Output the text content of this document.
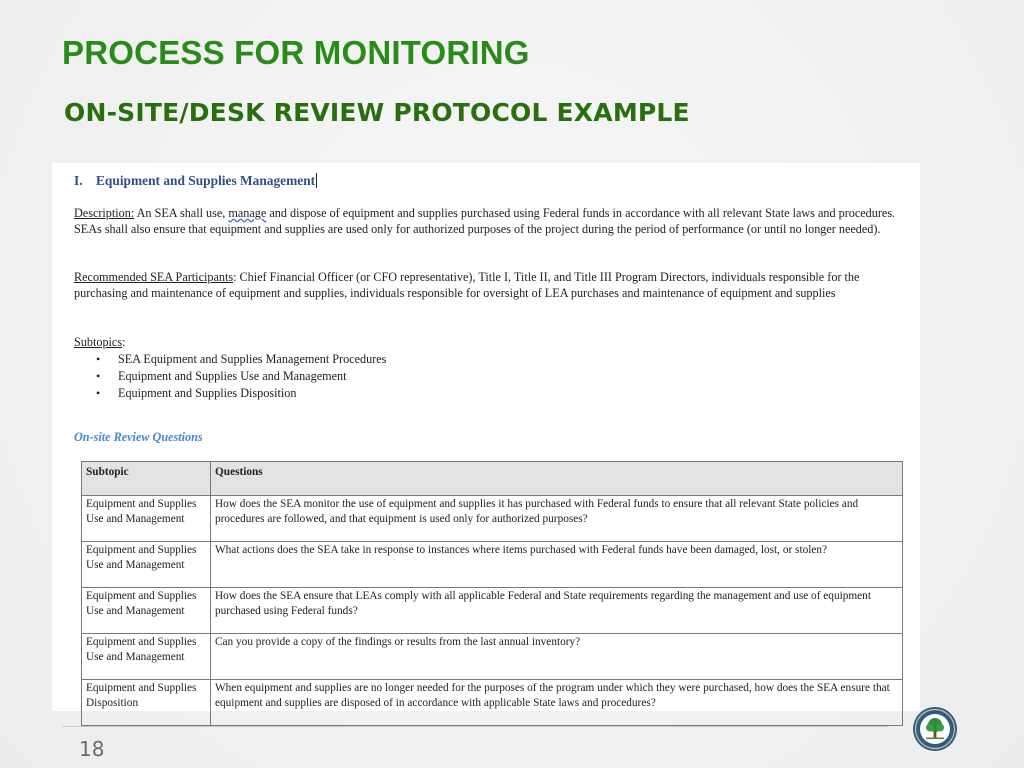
PROCESS FOR MONITORING
ON-SITE/DESK REVIEW PROTOCOL EXAMPLE
I. Equipment and Supplies Management
Description: An SEA shall use, manage and dispose of equipment and supplies purchased using Federal funds in accordance with all relevant State laws and procedures. SEAs shall also ensure that equipment and supplies are used only for authorized purposes of the project during the period of performance (or until no longer needed).
Recommended SEA Participants: Chief Financial Officer (or CFO representative), Title I, Title II, and Title III Program Directors, individuals responsible for the purchasing and maintenance of equipment and supplies, individuals responsible for oversight of LEA purchases and maintenance of equipment and supplies
Subtopics:
• SEA Equipment and Supplies Management Procedures
• Equipment and Supplies Use and Management
• Equipment and Supplies Disposition
On-site Review Questions
Subtopic	Questions
Equipment and Supplies Use and Management	How does the SEA monitor the use of equipment and supplies it has purchased with Federal funds to ensure that all relevant State policies and procedures are followed, and that equipment is used only for authorized purposes?
Equipment and Supplies Use and Management	What actions does the SEA take in response to instances where items purchased with Federal funds have been damaged, lost, or stolen?
Equipment and Supplies Use and Management	How does the SEA ensure that LEAs comply with all applicable Federal and State requirements regarding the management and use of equipment purchased using Federal funds?
Equipment and Supplies Use and Management	Can you provide a copy of the findings or results from the last annual inventory?
Equipment and Supplies Disposition	When equipment and supplies are no longer needed for the purposes of the program under which they were purchased, how does the SEA ensure that equipment and supplies are disposed of in accordance with applicable State laws and procedures?
18
